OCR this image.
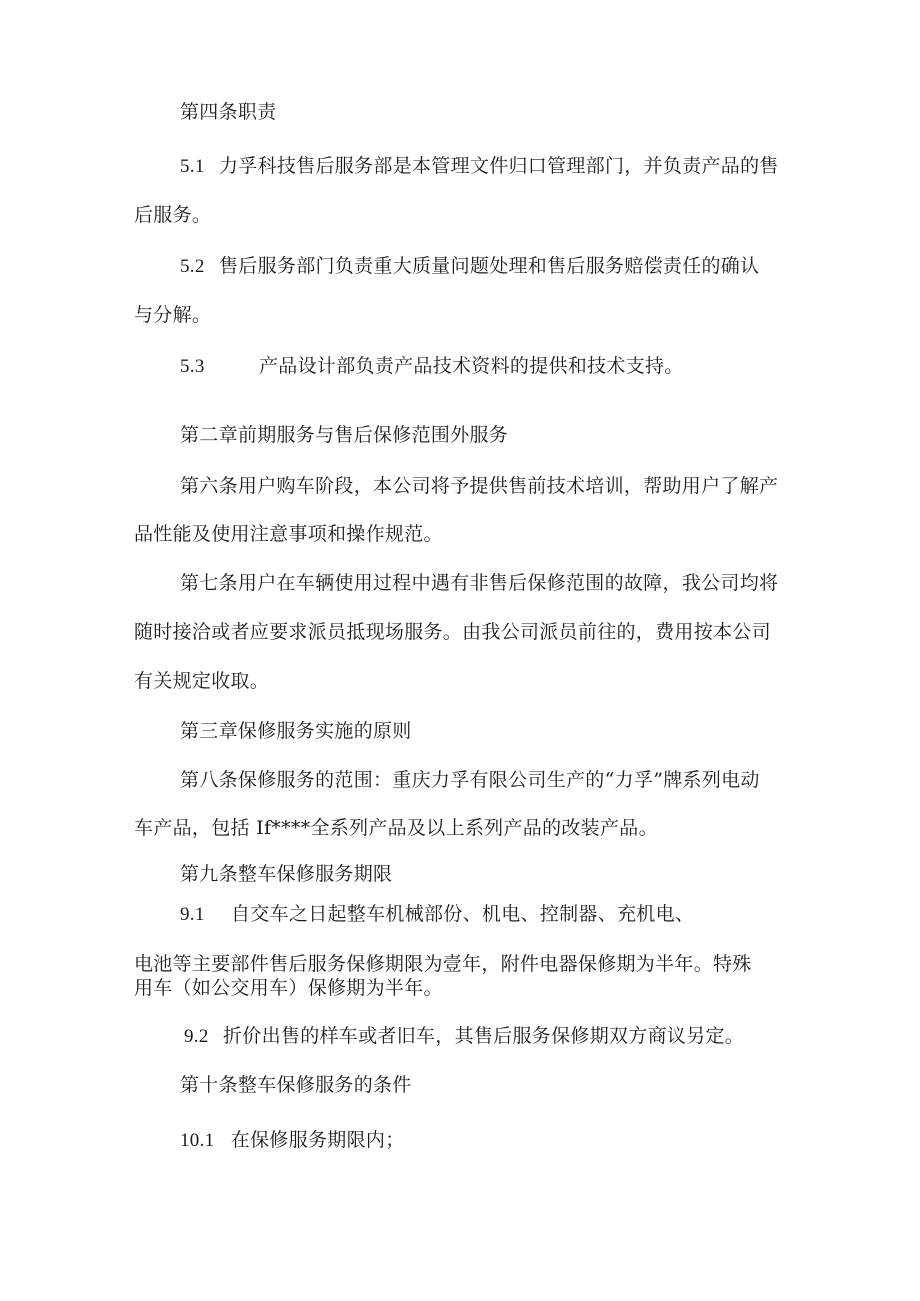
第四条职责
5.1 力孚科技售后服务部是本管理文件归口管理部门，并负责产品的售
后服务。
5.2 售后服务部门负责重大质量问题处理和售后服务赔偿责任的确认
与分解。
5.3	产品设计部负责产品技术资料的提供和技术支持。
第二章前期服务与售后保修范围外服务
第六条用户购车阶段，本公司将予提供售前技术培训，帮助用户了解产
品性能及使用注意事项和操作规范。
第七条用户在车辆使用过程中遇有非售后保修范围的故障，我公司均将
随时接洽或者应要求派员抵现场服务。由我公司派员前往的，费用按本公司
有关规定收取。
第三章保修服务实施的原则
第八条保修服务的范围：重庆力孚有限公司生产的“力孚”牌系列电动
车产品，包括 If****全系列产品及以上系列产品的改装产品。
第九条整车保修服务期限
9.1 自交车之日起整车机械部份、机电、控制器、充机电、
电池等主要部件售后服务保修期限为壹年，附件电器保修期为半年。特殊
用车（如公交用车）保修期为半年。
9.2 折价出售的样车或者旧车，其售后服务保修期双方商议另定。
第十条整车保修服务的条件
10.1 在保修服务期限内；
